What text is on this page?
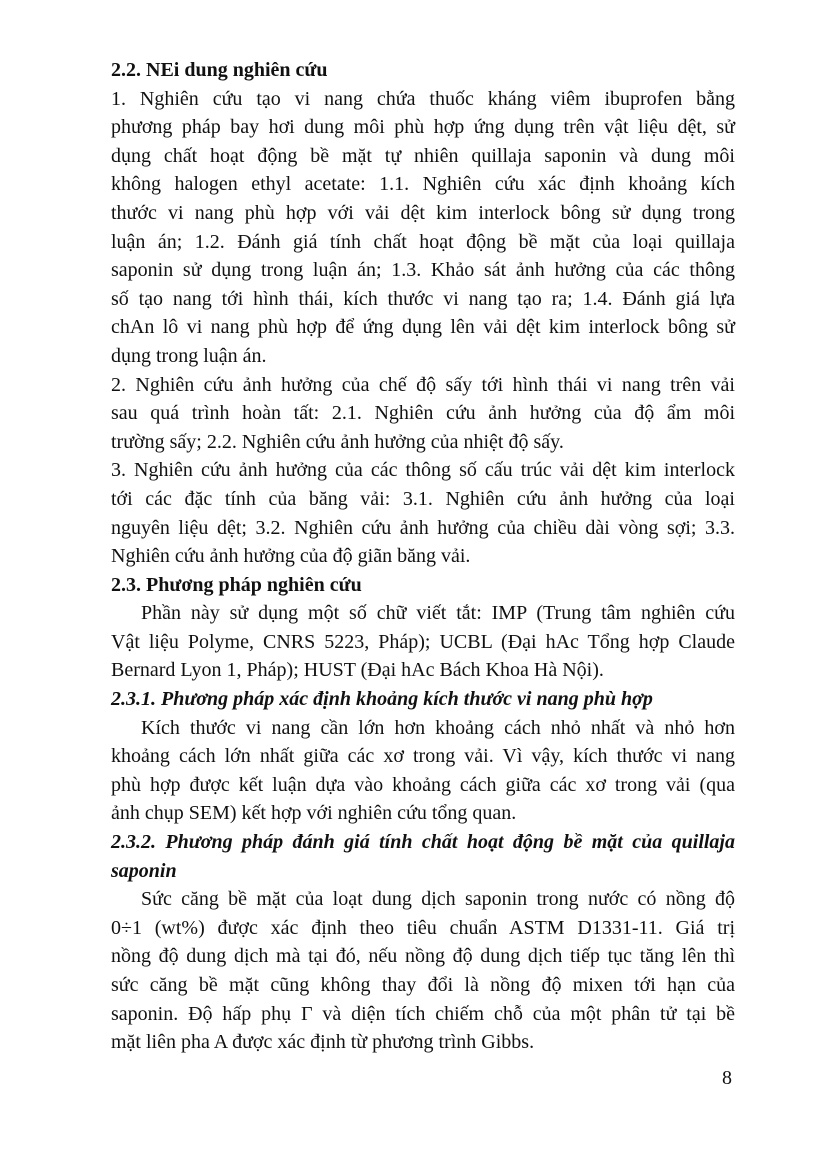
2.2. NEi dung nghiên cứu
1. Nghiên cứu tạo vi nang chứa thuốc kháng viêm ibuprofen bằng
phương pháp bay hơi dung môi phù hợp ứng dụng trên vật liệu dệt, sử
dụng chất hoạt động bề mặt tự nhiên quillaja saponin và dung môi
không halogen ethyl acetate: 1.1. Nghiên cứu xác định khoảng kích
thước vi nang phù hợp với vải dệt kim interlock bông sử dụng trong
luận án; 1.2. Đánh giá tính chất hoạt động bề mặt của loại quillaja
saponin sử dụng trong luận án; 1.3. Khảo sát ảnh hưởng của các thông
số tạo nang tới hình thái, kích thước vi nang tạo ra; 1.4. Đánh giá lựa
chAn lô vi nang phù hợp để ứng dụng lên vải dệt kim interlock bông sử
dụng trong luận án.
2. Nghiên cứu ảnh hưởng của chế độ sấy tới hình thái vi nang trên vải
sau quá trình hoàn tất: 2.1. Nghiên cứu ảnh hưởng của độ ẩm môi
trường sấy; 2.2. Nghiên cứu ảnh hưởng của nhiệt độ sấy.
3. Nghiên cứu ảnh hưởng của các thông số cấu trúc vải dệt kim interlock
tới các đặc tính của băng vải: 3.1. Nghiên cứu ảnh hưởng của loại
nguyên liệu dệt; 3.2. Nghiên cứu ảnh hưởng của chiều dài vòng sợi; 3.3.
Nghiên cứu ảnh hưởng của độ giãn băng vải.
2.3. Phương pháp nghiên cứu
Phần này sử dụng một số chữ viết tắt: IMP (Trung tâm nghiên cứu
Vật liệu Polyme, CNRS 5223, Pháp); UCBL (Đại hAc Tổng hợp Claude
Bernard Lyon 1, Pháp); HUST (Đại hAc Bách Khoa Hà Nội).
2.3.1. Phương pháp xác định khoảng kích thước vi nang phù hợp
Kích thước vi nang cần lớn hơn khoảng cách nhỏ nhất và nhỏ hơn
khoảng cách lớn nhất giữa các xơ trong vải. Vì vậy, kích thước vi nang
phù hợp được kết luận dựa vào khoảng cách giữa các xơ trong vải (qua
ảnh chụp SEM) kết hợp với nghiên cứu tổng quan.
2.3.2. Phương pháp đánh giá tính chất hoạt động bề mặt của quillaja
saponin
Sức căng bề mặt của loạt dung dịch saponin trong nước có nồng độ
0÷1 (wt%) được xác định theo tiêu chuẩn ASTM D1331-11. Giá trị
nồng độ dung dịch mà tại đó, nếu nồng độ dung dịch tiếp tục tăng lên thì
sức căng bề mặt cũng không thay đổi là nồng độ mixen tới hạn của
saponin. Độ hấp phụ Γ và diện tích chiếm chỗ của một phân tử tại bề
mặt liên pha A được xác định từ phương trình Gibbs.
8
